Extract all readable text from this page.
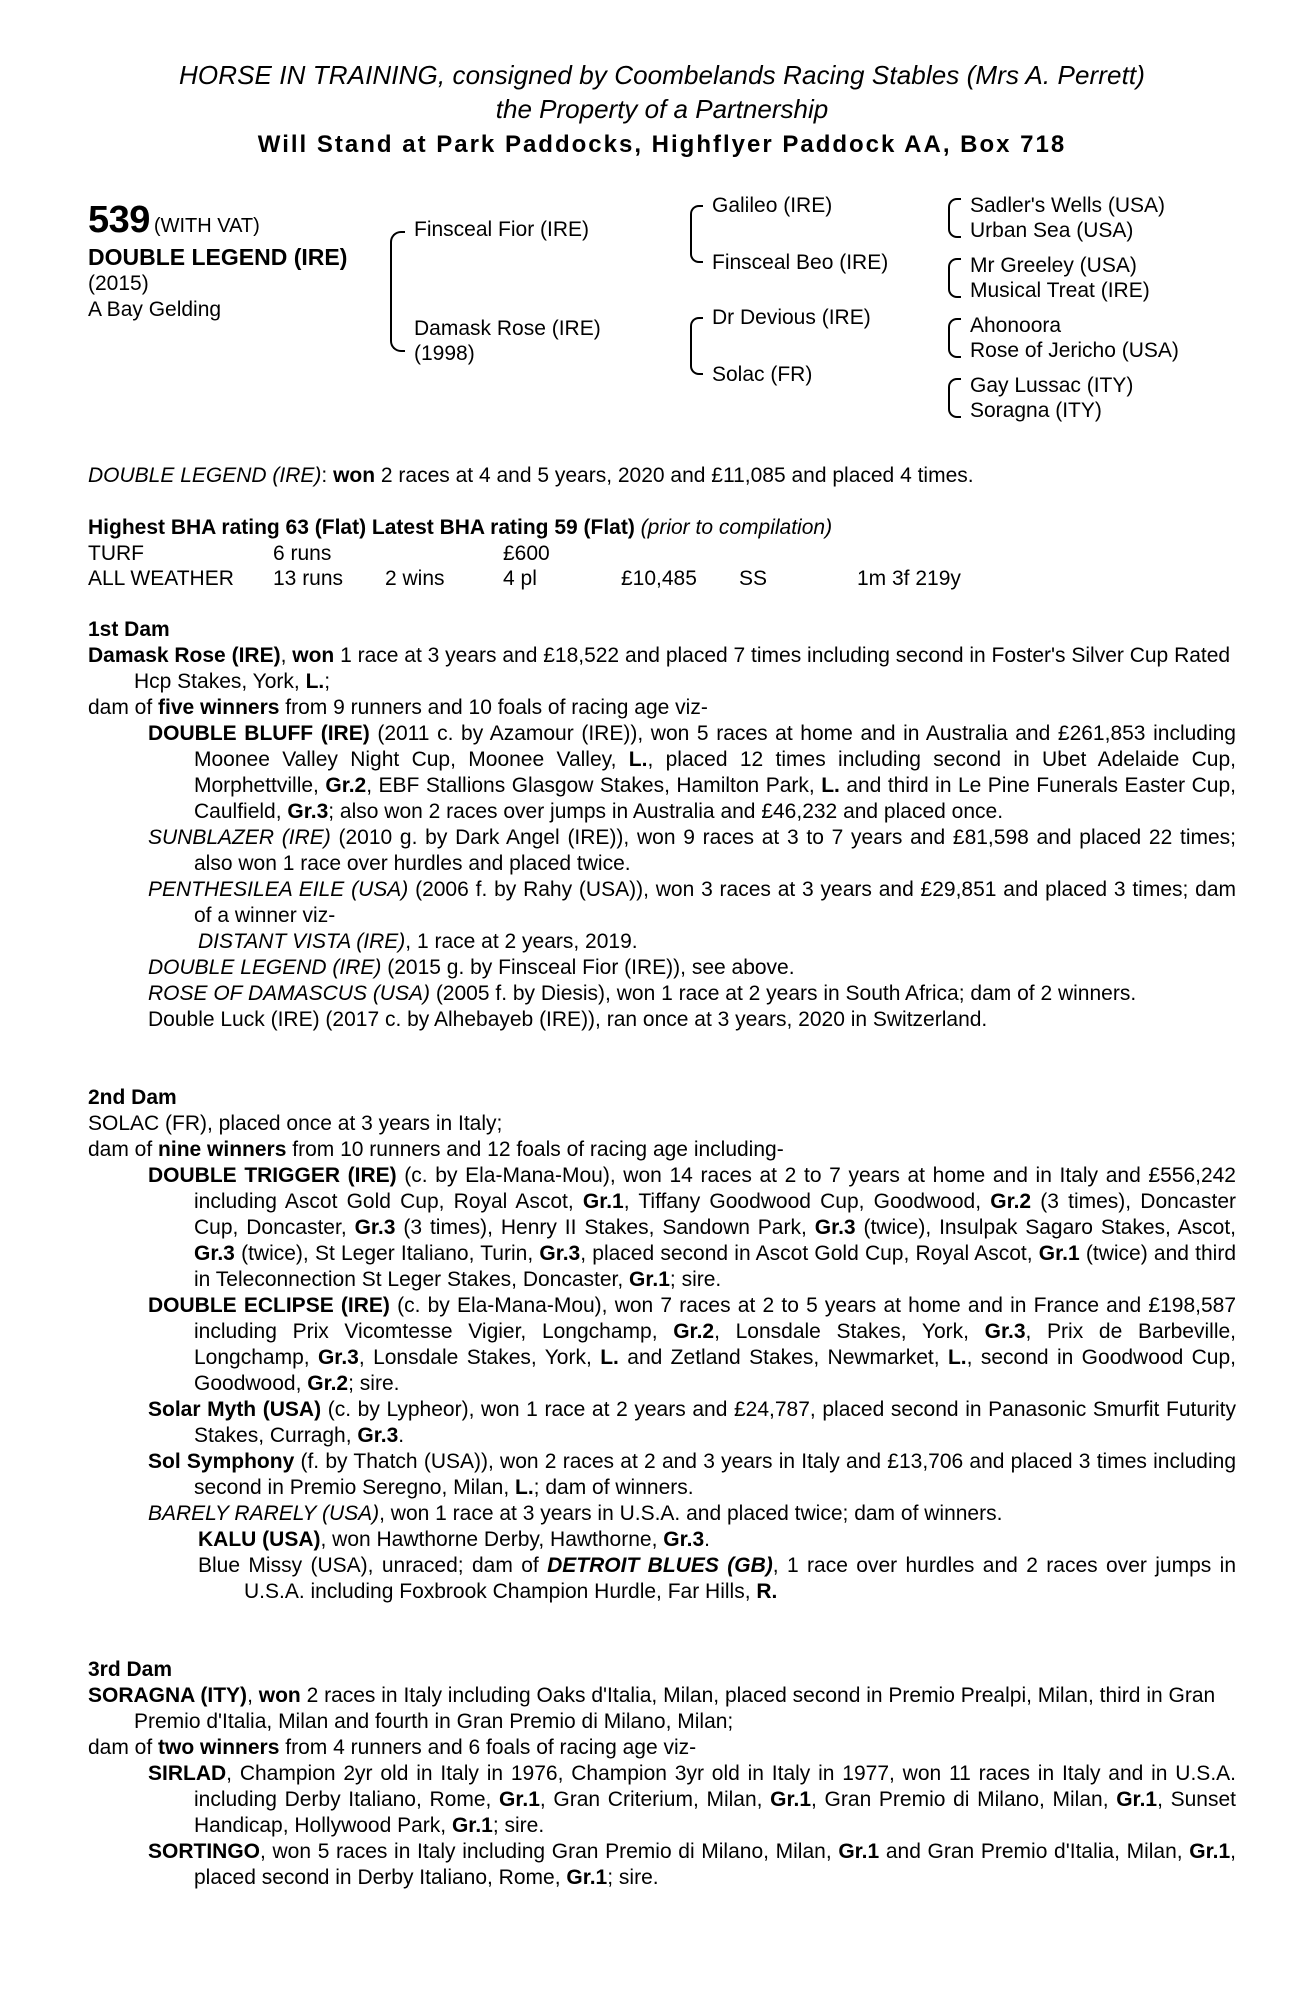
HORSE IN TRAINING, consigned by Coombelands Racing Stables (Mrs A. Perrett)
the Property of a Partnership
Will Stand at Park Paddocks, Highflyer Paddock AA, Box 718
539 (WITH VAT)
DOUBLE LEGEND (IRE)
(2015)
A Bay Gelding
Finsceal Fior (IRE)
Damask Rose (IRE)
(1998)
Galileo (IRE)
Finsceal Beo (IRE)
Dr Devious (IRE)
Solac (FR)
Sadler's Wells (USA)
Urban Sea (USA)
Mr Greeley (USA)
Musical Treat (IRE)
Ahonoora
Rose of Jericho (USA)
Gay Lussac (ITY)
Soragna (ITY)
DOUBLE LEGEND (IRE): won 2 races at 4 and 5 years, 2020 and £11,085 and placed 4 times.
Highest BHA rating 63 (Flat) Latest BHA rating 59 (Flat) (prior to compilation)
TURF	6 runs	£600
ALL WEATHER	13 runs	2 wins	4 pl	£10,485	SS	1m 3f 219y
1st Dam
Damask Rose (IRE), won 1 race at 3 years and £18,522 and placed 7 times including second in Foster's Silver Cup Rated Hcp Stakes, York, L.;
dam of five winners from 9 runners and 10 foals of racing age viz-
DOUBLE BLUFF (IRE) (2011 c. by Azamour (IRE)), won 5 races at home and in Australia and £261,853 including Moonee Valley Night Cup, Moonee Valley, L., placed 12 times including second in Ubet Adelaide Cup, Morphettville, Gr.2, EBF Stallions Glasgow Stakes, Hamilton Park, L. and third in Le Pine Funerals Easter Cup, Caulfield, Gr.3; also won 2 races over jumps in Australia and £46,232 and placed once.
SUNBLAZER (IRE) (2010 g. by Dark Angel (IRE)), won 9 races at 3 to 7 years and £81,598 and placed 22 times; also won 1 race over hurdles and placed twice.
PENTHESILEA EILE (USA) (2006 f. by Rahy (USA)), won 3 races at 3 years and £29,851 and placed 3 times; dam of a winner viz-
DISTANT VISTA (IRE), 1 race at 2 years, 2019.
DOUBLE LEGEND (IRE) (2015 g. by Finsceal Fior (IRE)), see above.
ROSE OF DAMASCUS (USA) (2005 f. by Diesis), won 1 race at 2 years in South Africa; dam of 2 winners.
Double Luck (IRE) (2017 c. by Alhebayeb (IRE)), ran once at 3 years, 2020 in Switzerland.
2nd Dam
SOLAC (FR), placed once at 3 years in Italy;
dam of nine winners from 10 runners and 12 foals of racing age including-
DOUBLE TRIGGER (IRE) (c. by Ela-Mana-Mou), won 14 races at 2 to 7 years at home and in Italy and £556,242 including Ascot Gold Cup, Royal Ascot, Gr.1, Tiffany Goodwood Cup, Goodwood, Gr.2 (3 times), Doncaster Cup, Doncaster, Gr.3 (3 times), Henry II Stakes, Sandown Park, Gr.3 (twice), Insulpak Sagaro Stakes, Ascot, Gr.3 (twice), St Leger Italiano, Turin, Gr.3, placed second in Ascot Gold Cup, Royal Ascot, Gr.1 (twice) and third in Teleconnection St Leger Stakes, Doncaster, Gr.1; sire.
DOUBLE ECLIPSE (IRE) (c. by Ela-Mana-Mou), won 7 races at 2 to 5 years at home and in France and £198,587 including Prix Vicomtesse Vigier, Longchamp, Gr.2, Lonsdale Stakes, York, Gr.3, Prix de Barbeville, Longchamp, Gr.3, Lonsdale Stakes, York, L. and Zetland Stakes, Newmarket, L., second in Goodwood Cup, Goodwood, Gr.2; sire.
Solar Myth (USA) (c. by Lypheor), won 1 race at 2 years and £24,787, placed second in Panasonic Smurfit Futurity Stakes, Curragh, Gr.3.
Sol Symphony (f. by Thatch (USA)), won 2 races at 2 and 3 years in Italy and £13,706 and placed 3 times including second in Premio Seregno, Milan, L.; dam of winners.
BARELY RARELY (USA), won 1 race at 3 years in U.S.A. and placed twice; dam of winners.
KALU (USA), won Hawthorne Derby, Hawthorne, Gr.3.
Blue Missy (USA), unraced; dam of DETROIT BLUES (GB), 1 race over hurdles and 2 races over jumps in U.S.A. including Foxbrook Champion Hurdle, Far Hills, R.
3rd Dam
SORAGNA (ITY), won 2 races in Italy including Oaks d'Italia, Milan, placed second in Premio Prealpi, Milan, third in Gran Premio d'Italia, Milan and fourth in Gran Premio di Milano, Milan;
dam of two winners from 4 runners and 6 foals of racing age viz-
SIRLAD, Champion 2yr old in Italy in 1976, Champion 3yr old in Italy in 1977, won 11 races in Italy and in U.S.A. including Derby Italiano, Rome, Gr.1, Gran Criterium, Milan, Gr.1, Gran Premio di Milano, Milan, Gr.1, Sunset Handicap, Hollywood Park, Gr.1; sire.
SORTINGO, won 5 races in Italy including Gran Premio di Milano, Milan, Gr.1 and Gran Premio d'Italia, Milan, Gr.1, placed second in Derby Italiano, Rome, Gr.1; sire.
